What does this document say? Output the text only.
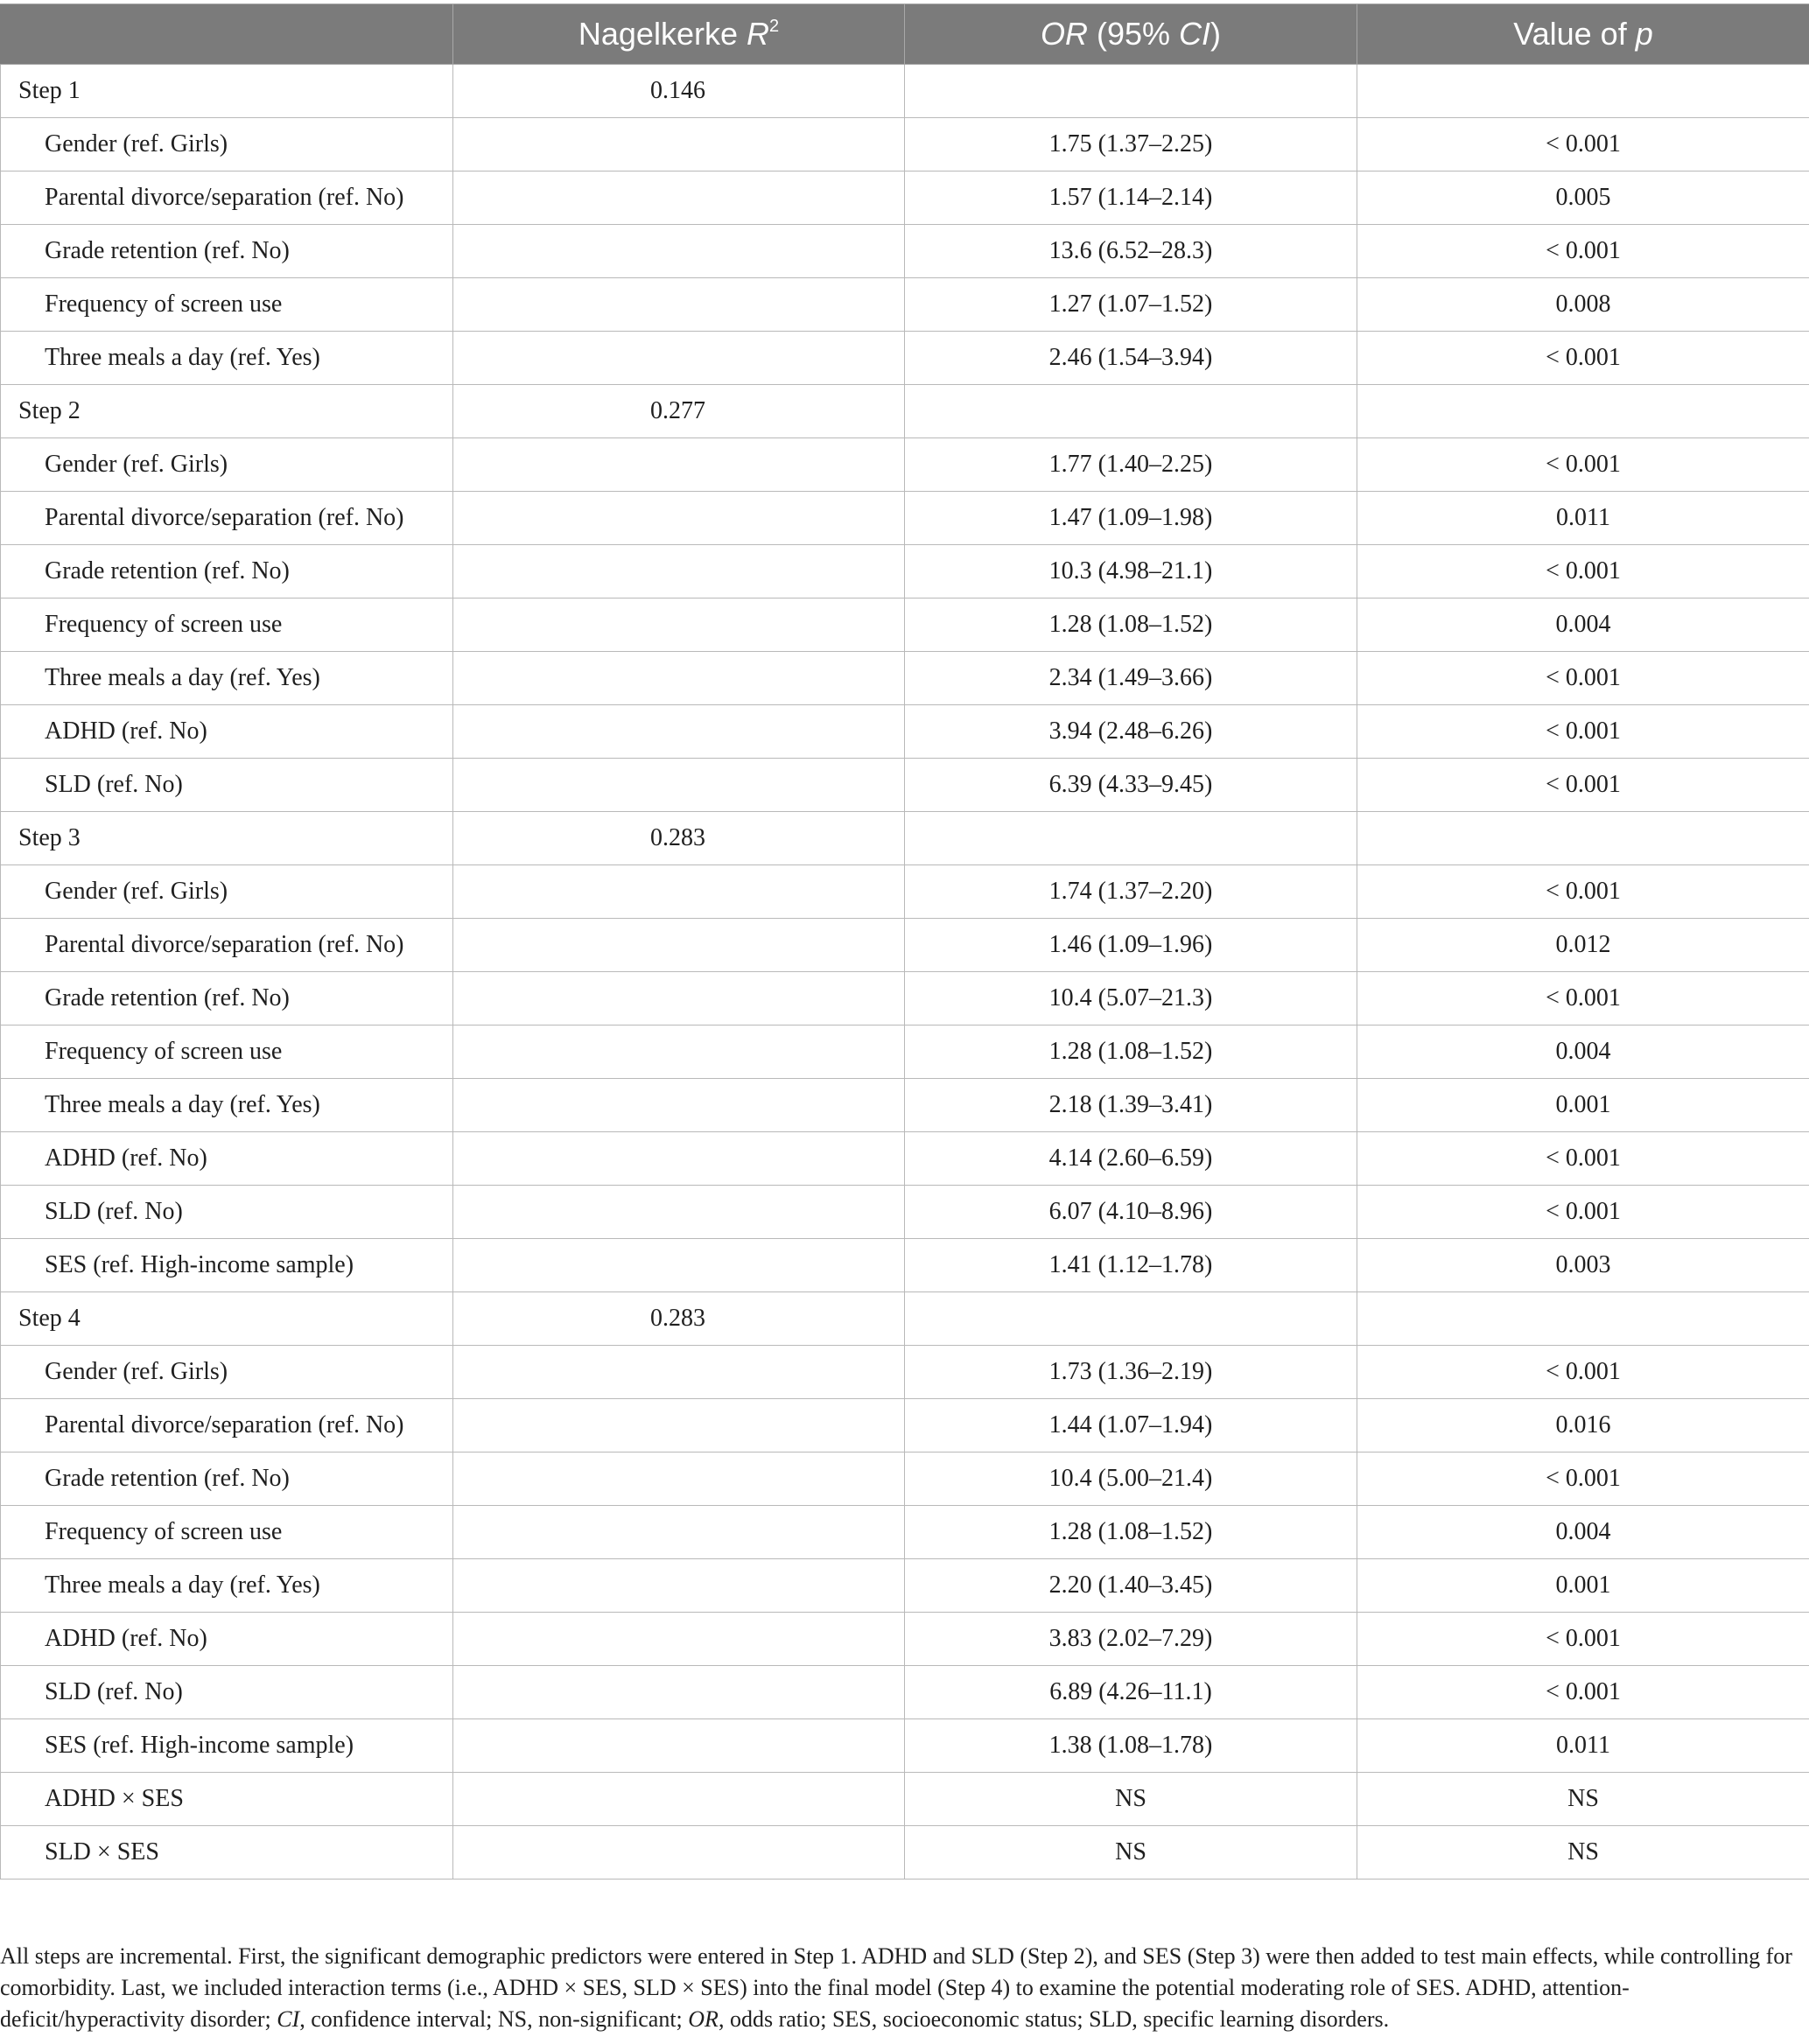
	Nagelkerke $R^2$	OR (95% CI)	Value of p
Step 1	0.146		
Gender (ref. Girls)		1.75 (1.37–2.25)	< 0.001
Parental divorce/separation (ref. No)		1.57 (1.14–2.14)	0.005
Grade retention (ref. No)		13.6 (6.52–28.3)	< 0.001
Frequency of screen use		1.27 (1.07–1.52)	0.008
Three meals a day (ref. Yes)		2.46 (1.54–3.94)	< 0.001
Step 2	0.277		
Gender (ref. Girls)		1.77 (1.40–2.25)	< 0.001
Parental divorce/separation (ref. No)		1.47 (1.09–1.98)	0.011
Grade retention (ref. No)		10.3 (4.98–21.1)	< 0.001
Frequency of screen use		1.28 (1.08–1.52)	0.004
Three meals a day (ref. Yes)		2.34 (1.49–3.66)	< 0.001
ADHD (ref. No)		3.94 (2.48–6.26)	< 0.001
SLD (ref. No)		6.39 (4.33–9.45)	< 0.001
Step 3	0.283		
Gender (ref. Girls)		1.74 (1.37–2.20)	< 0.001
Parental divorce/separation (ref. No)		1.46 (1.09–1.96)	0.012
Grade retention (ref. No)		10.4 (5.07–21.3)	< 0.001
Frequency of screen use		1.28 (1.08–1.52)	0.004
Three meals a day (ref. Yes)		2.18 (1.39–3.41)	0.001
ADHD (ref. No)		4.14 (2.60–6.59)	< 0.001
SLD (ref. No)		6.07 (4.10–8.96)	< 0.001
SES (ref. High-income sample)		1.41 (1.12–1.78)	0.003
Step 4	0.283		
Gender (ref. Girls)		1.73 (1.36–2.19)	< 0.001
Parental divorce/separation (ref. No)		1.44 (1.07–1.94)	0.016
Grade retention (ref. No)		10.4 (5.00–21.4)	< 0.001
Frequency of screen use		1.28 (1.08–1.52)	0.004
Three meals a day (ref. Yes)		2.20 (1.40–3.45)	0.001
ADHD (ref. No)		3.83 (2.02–7.29)	< 0.001
SLD (ref. No)		6.89 (4.26–11.1)	< 0.001
SES (ref. High-income sample)		1.38 (1.08–1.78)	0.011
ADHD × SES		NS	NS
SLD × SES		NS	NS
All steps are incremental. First, the significant demographic predictors were entered in Step 1. ADHD and SLD (Step 2), and SES (Step 3) were then added to test main effects, while controlling for comorbidity. Last, we included interaction terms (i.e., ADHD × SES, SLD × SES) into the final model (Step 4) to examine the potential moderating role of SES. ADHD, attention-deficit/hyperactivity disorder; CI, confidence interval; NS, non-significant; OR, odds ratio; SES, socioeconomic status; SLD, specific learning disorders.
